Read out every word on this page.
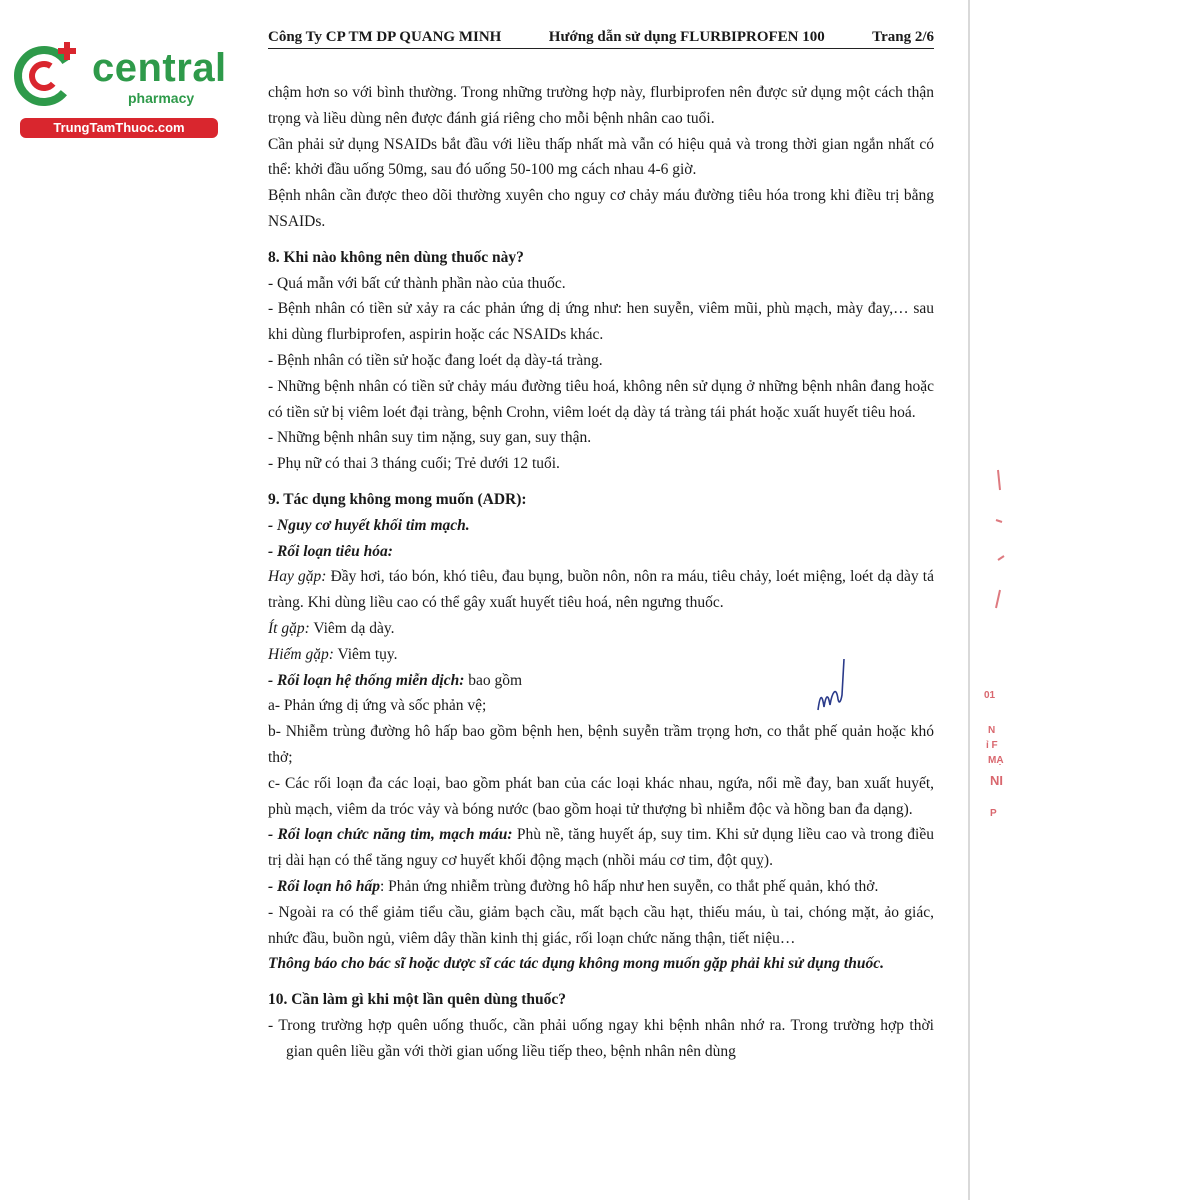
central
pharmacy
TrungTamThuoc.com
Công Ty CP TM DP QUANG MINH	Hướng dẫn sử dụng FLURBIPROFEN 100	Trang 2/6

chậm hơn so với bình thường. Trong những trường hợp này, flurbiprofen nên được sử dụng một cách thận trọng và liều dùng nên được đánh giá riêng cho mỗi bệnh nhân cao tuổi.

Cần phải sử dụng NSAIDs bắt đầu với liều thấp nhất mà vẫn có hiệu quả và trong thời gian ngắn nhất có thể: khởi đầu uống 50mg, sau đó uống 50-100 mg cách nhau 4-6 giờ.

Bệnh nhân cần được theo dõi thường xuyên cho nguy cơ chảy máu đường tiêu hóa trong khi điều trị bằng NSAIDs.

8. Khi nào không nên dùng thuốc này?

- Quá mẫn với bất cứ thành phần nào của thuốc.

- Bệnh nhân có tiền sử xảy ra các phản ứng dị ứng như: hen suyễn, viêm mũi, phù mạch, mày đay,… sau khi dùng flurbiprofen, aspirin hoặc các NSAIDs khác.

- Bệnh nhân có tiền sử hoặc đang loét dạ dày-tá tràng.

- Những bệnh nhân có tiền sử chảy máu đường tiêu hoá, không nên sử dụng ở những bệnh nhân đang hoặc có tiền sử bị viêm loét đại tràng, bệnh Crohn, viêm loét dạ dày tá tràng tái phát hoặc xuất huyết tiêu hoá.

- Những bệnh nhân suy tim nặng, suy gan, suy thận.

- Phụ nữ có thai 3 tháng cuối; Trẻ dưới 12 tuổi.

9. Tác dụng không mong muốn (ADR):

- Nguy cơ huyết khối tim mạch.

- Rối loạn tiêu hóa:

Hay gặp: Đầy hơi, táo bón, khó tiêu, đau bụng, buồn nôn, nôn ra máu, tiêu chảy, loét miệng, loét dạ dày tá tràng. Khi dùng liều cao có thể gây xuất huyết tiêu hoá, nên ngưng thuốc.

Ít gặp: Viêm dạ dày.

Hiếm gặp: Viêm tụy.

- Rối loạn hệ thống miễn dịch: bao gồm

a- Phản ứng dị ứng và sốc phản vệ;

b- Nhiễm trùng đường hô hấp bao gồm bệnh hen, bệnh suyễn trầm trọng hơn, co thắt phế quản hoặc khó thở;

c- Các rối loạn đa các loại, bao gồm phát ban của các loại khác nhau, ngứa, nổi mề đay, ban xuất huyết, phù mạch, viêm da tróc vảy và bóng nước (bao gồm hoại tử thượng bì nhiễm độc và hồng ban đa dạng).

- Rối loạn chức năng tim, mạch máu: Phù nề, tăng huyết áp, suy tim. Khi sử dụng liều cao và trong điều trị dài hạn có thể tăng nguy cơ huyết khối động mạch (nhồi máu cơ tim, đột quỵ).

- Rối loạn hô hấp: Phản ứng nhiễm trùng đường hô hấp như hen suyễn, co thắt phế quản, khó thở.

- Ngoài ra có thể giảm tiểu cầu, giảm bạch cầu, mất bạch cầu hạt, thiếu máu, ù tai, chóng mặt, ảo giác, nhức đầu, buồn ngủ, viêm dây thần kinh thị giác, rối loạn chức năng thận, tiết niệu…

Thông báo cho bác sĩ hoặc dược sĩ các tác dụng không mong muốn gặp phải khi sử dụng thuốc.

10. Cần làm gì khi một lần quên dùng thuốc?

- Trong trường hợp quên uống thuốc, cần phải uống ngay khi bệnh nhân nhớ ra. Trong trường hợp thời gian quên liều gần với thời gian uống liều tiếp theo, bệnh nhân nên dùng

01
N
ỉ F
MẠ
NI
P
